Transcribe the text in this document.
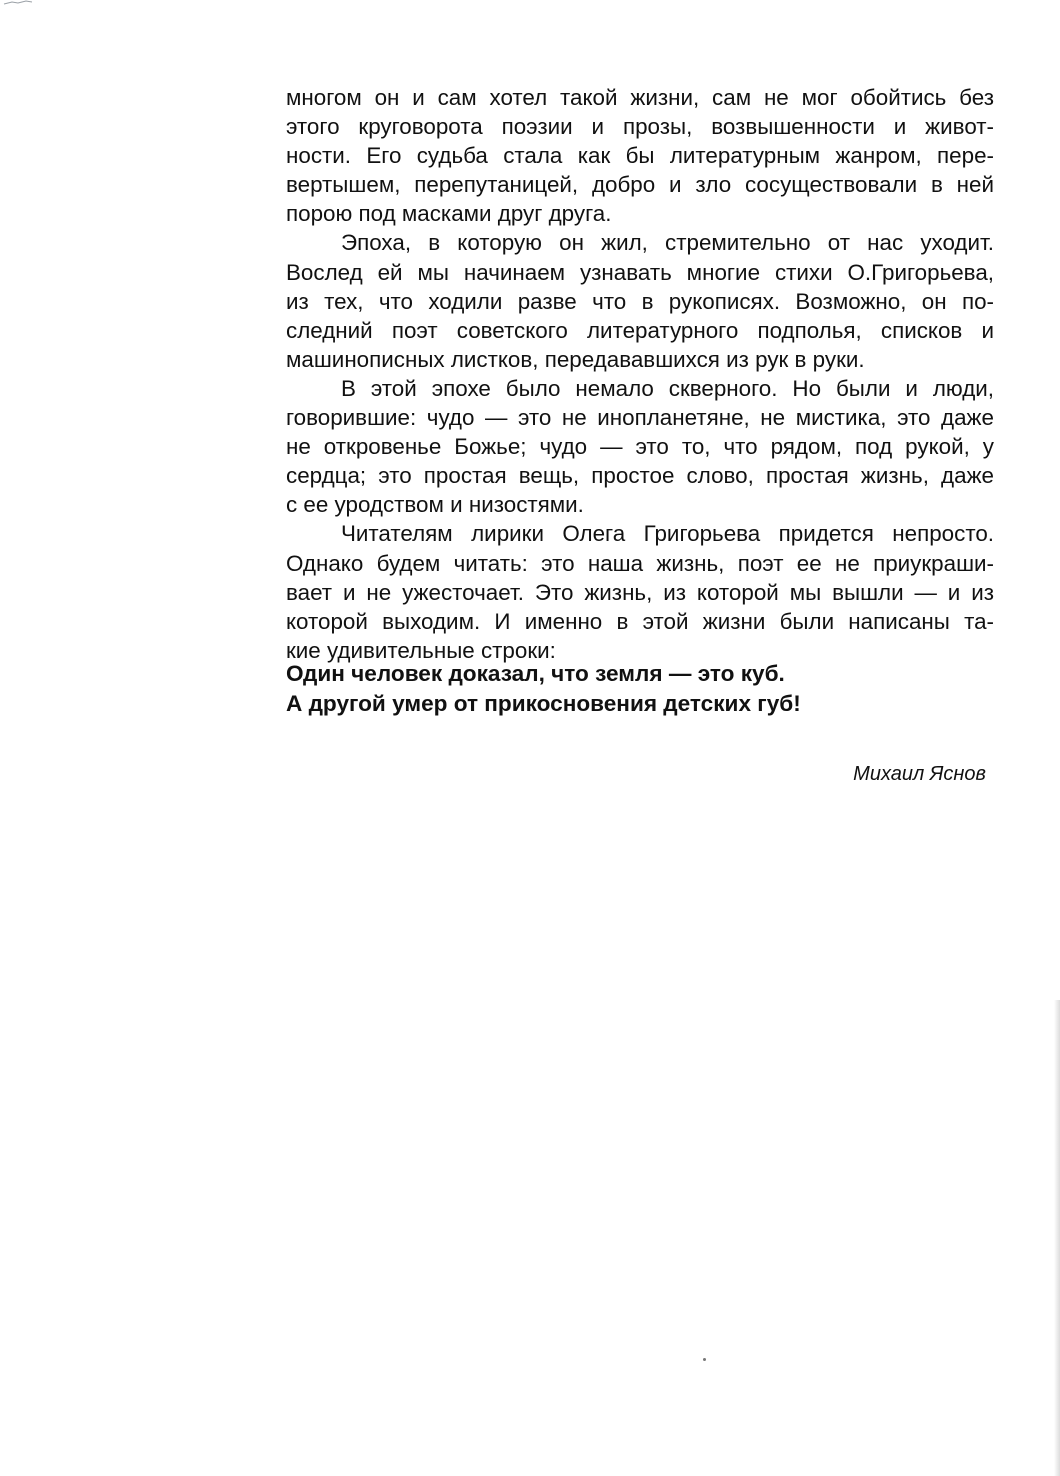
многом он и сам хотел такой жизни, сам не мог обойтись без
этого круговорота поэзии и прозы, возвышенности и живот-
ности. Его судьба стала как бы литературным жанром, пере-
вертышем, перепутаницей, добро и зло сосуществовали в ней
порою под масками друг друга.
Эпоха, в которую он жил, стремительно от нас уходит.
Вослед ей мы начинаем узнавать многие стихи О.Григорьева,
из тех, что ходили разве что в рукописях. Возможно, он по-
следний поэт советского литературного подполья, списков и
машинописных листков, передававшихся из рук в руки.
В этой эпохе было немало скверного. Но были и люди,
говорившие: чудо — это не инопланетяне, не мистика, это даже
не откровенье Божье; чудо — это то, что рядом, под рукой, у
сердца; это простая вещь, простое слово, простая жизнь, даже
с ее уродством и низостями.
Читателям лирики Олега Григорьева придется непросто.
Однако будем читать: это наша жизнь, поэт ее не приукраши-
вает и не ужесточает. Это жизнь, из которой мы вышли — и из
которой выходим. И именно в этой жизни были написаны та-
кие удивительные строки:
Один человек доказал, что земля — это куб.
А другой умер от прикосновения детских губ!
Михаил Яснов
